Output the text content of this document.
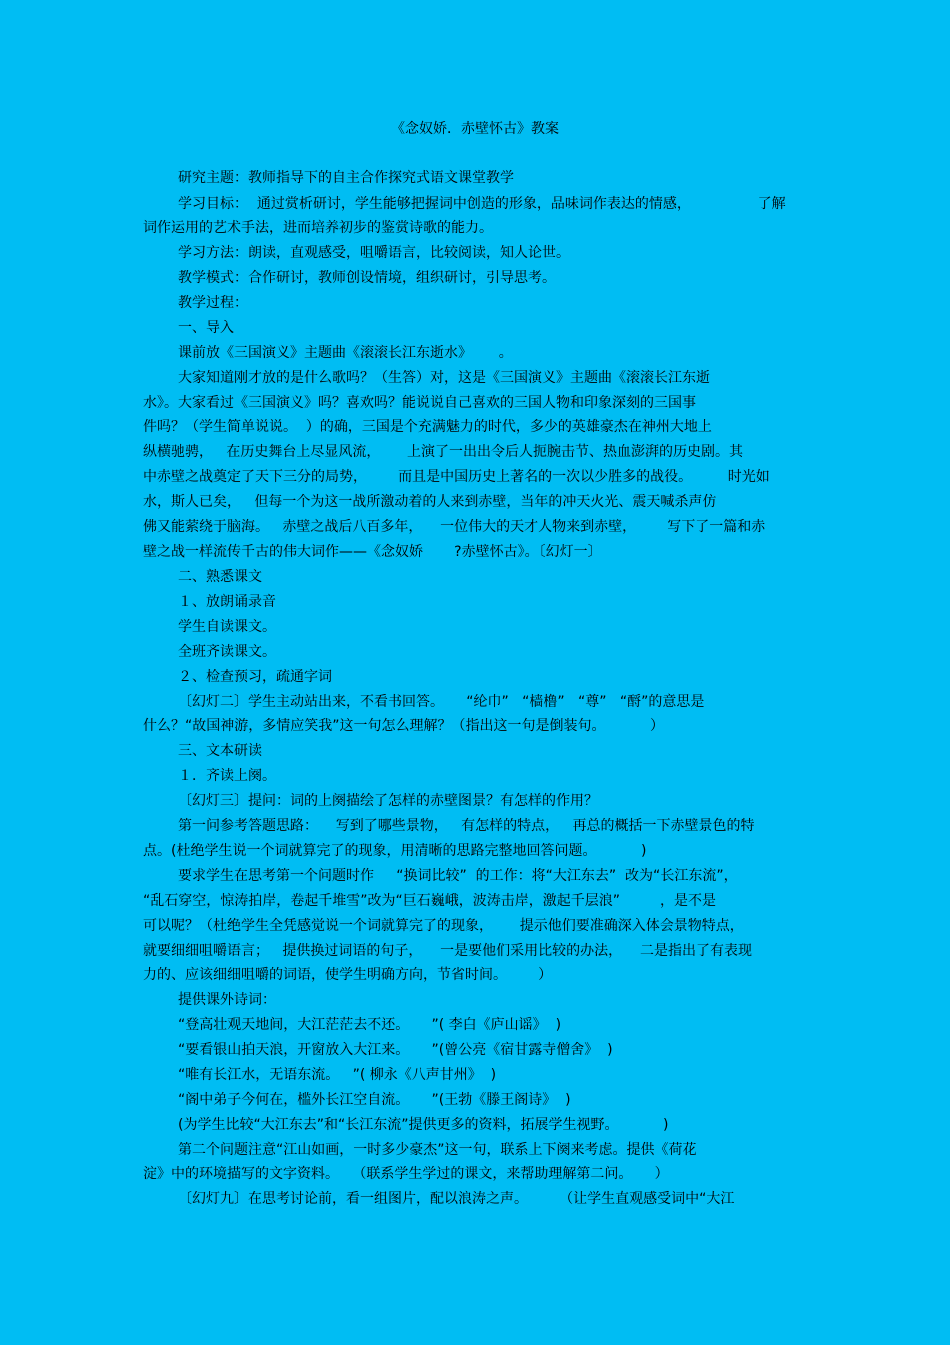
《念奴娇．赤壁怀古》教案
研究主题：教师指导下的自主合作探究式语文课堂教学
学习目标：  通过赏析研讨，学生能够把握词中创造的形象，品味词作表达的情感，               了解
词作运用的艺术手法，进而培养初步的鉴赏诗歌的能力。
学习方法：朗读，直观感受，咀嚼语言，比较阅读，知人论世。
教学模式：合作研讨，教师创设情境，组织研讨，引导思考。
教学过程：
一、导入
课前放《三国演义》主题曲《滚滚长江东逝水》      。
大家知道刚才放的是什么歌吗？（生答）对，这是《三国演义》主题曲《滚滚长江东逝
水》。大家看过《三国演义》吗？喜欢吗？能说说自己喜欢的三国人物和印象深刻的三国事
件吗？（学生简单说说。  ）的确，三国是个充满魅力的时代，多少的英雄豪杰在神州大地上
纵横驰骋，   在历史舞台上尽显风流，      上演了一出出令后人扼腕击节、热血澎湃的历史剧。其
中赤壁之战奠定了天下三分的局势，       而且是中国历史上著名的一次以少胜多的战役。        时光如
水，斯人已矣，   但每一个为这一战所激动着的人来到赤壁，当年的冲天火光、震天喊杀声仿
佛又能萦绕于脑海。   赤壁之战后八百多年，    一位伟大的天才人物来到赤壁，       写下了一篇和赤
壁之战一样流传千古的伟大词作——《念奴娇       ?赤壁怀古》。〔幻灯一〕
二、熟悉课文
１、放朗诵录音
学生自读课文。
全班齐读课文。
２、检查预习，疏通字词
〔幻灯二〕学生主动站出来，不看书回答。     “纶巾”   “樯橹”   “尊”   “酹”的意思是
什么？“故国神游，多情应笑我”这一句怎么理解？（指出这一句是倒装句。          ）
三、文本研读
１．齐读上阕。
〔幻灯三〕提问：词的上阕描绘了怎样的赤壁图景？有怎样的作用？
第一问参考答题思路：    写到了哪些景物，   有怎样的特点，   再总的概括一下赤壁景色的特
点。(杜绝学生说一个词就算完了的现象，用清晰的思路完整地回答问题。          )
要求学生在思考第一个问题时作     “换词比较”  的工作：将“大江东去”  改为“长江东流”，
“乱石穿空，惊涛拍岸，卷起千堆雪”改为“巨石巍峨，波涛击岸，激起千层浪”         ，是不是
可以呢？（杜绝学生全凭感觉说一个词就算完了的现象，      提示他们要准确深入体会景物特点，
就要细细咀嚼语言；   提供换过词语的句子，    一是要他们采用比较的办法，    二是指出了有表现
力的、应该细细咀嚼的词语，使学生明确方向，节省时间。       ）
提供课外诗词：
“登高壮观天地间，大江茫茫去不还。     ”( 李白《庐山谣》  )
“要看银山拍天浪，开窗放入大江来。     ”(曾公亮《宿甘露寺僧舍》  )
“唯有长江水，无语东流。   ”( 柳永《八声甘州》  )
“阁中弟子今何在，槛外长江空自流。     ”(王勃《滕王阁诗》  )
(为学生比较“大江东去”和“长江东流”提供更多的资料，拓展学生视野。          )
第二个问题注意“江山如画，一时多少豪杰”这一句，联系上下阕来考虑。提供《荷花
淀》中的环境描写的文字资料。   （联系学生学过的课文，来帮助理解第二问。     ）
〔幻灯九〕在思考讨论前，看一组图片，配以浪涛之声。       （让学生直观感受词中“大江
